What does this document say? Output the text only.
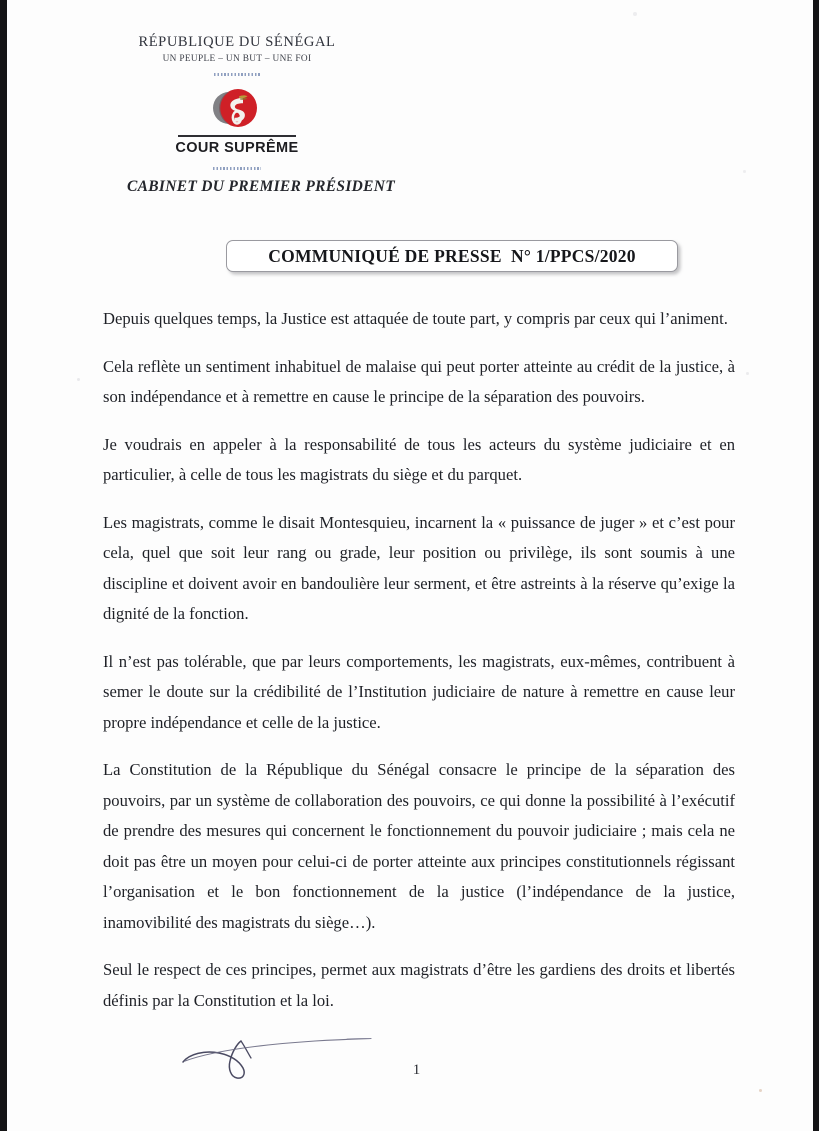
RÉPUBLIQUE DU SÉNÉGAL
UN PEUPLE – UN BUT – UNE FOI
COUR SUPRÊME
CABINET DU PREMIER PRÉSIDENT
COMMUNIQUÉ DE PRESSE  N° 1/PPCS/2020

Depuis quelques temps, la Justice est attaquée de toute part, y compris par ceux qui l’animent.

Cela reflète un sentiment inhabituel de malaise qui peut porter atteinte au crédit de la justice, à son indépendance et à remettre en cause le principe de la séparation des pouvoirs.

Je voudrais en appeler à la responsabilité de tous les acteurs du système judiciaire et en particulier, à celle de tous les magistrats du siège et du parquet.

Les magistrats, comme le disait Montesquieu, incarnent la « puissance de juger » et c’est pour cela, quel que soit leur rang ou grade, leur position ou privilège, ils sont soumis à une discipline et doivent avoir en bandoulière leur serment, et être astreints à la réserve qu’exige la dignité de la fonction.

Il n’est pas tolérable, que par leurs comportements, les magistrats, eux-mêmes, contribuent à semer le doute sur la crédibilité de l’Institution judiciaire de nature à remettre en cause leur propre indépendance et celle de la justice.

La Constitution de la République du Sénégal consacre le principe de la séparation des pouvoirs, par un système de collaboration des pouvoirs, ce qui donne la possibilité à l’exécutif de prendre des mesures qui concernent le fonctionnement du pouvoir judiciaire ; mais cela ne doit pas être un moyen pour celui-ci de porter atteinte aux principes constitutionnels régissant l’organisation et le bon fonctionnement de la justice (l’indépendance de la justice, inamovibilité des magistrats du siège…).

Seul le respect de ces principes, permet aux magistrats d’être les gardiens des droits et libertés définis par la Constitution et la loi.

1
